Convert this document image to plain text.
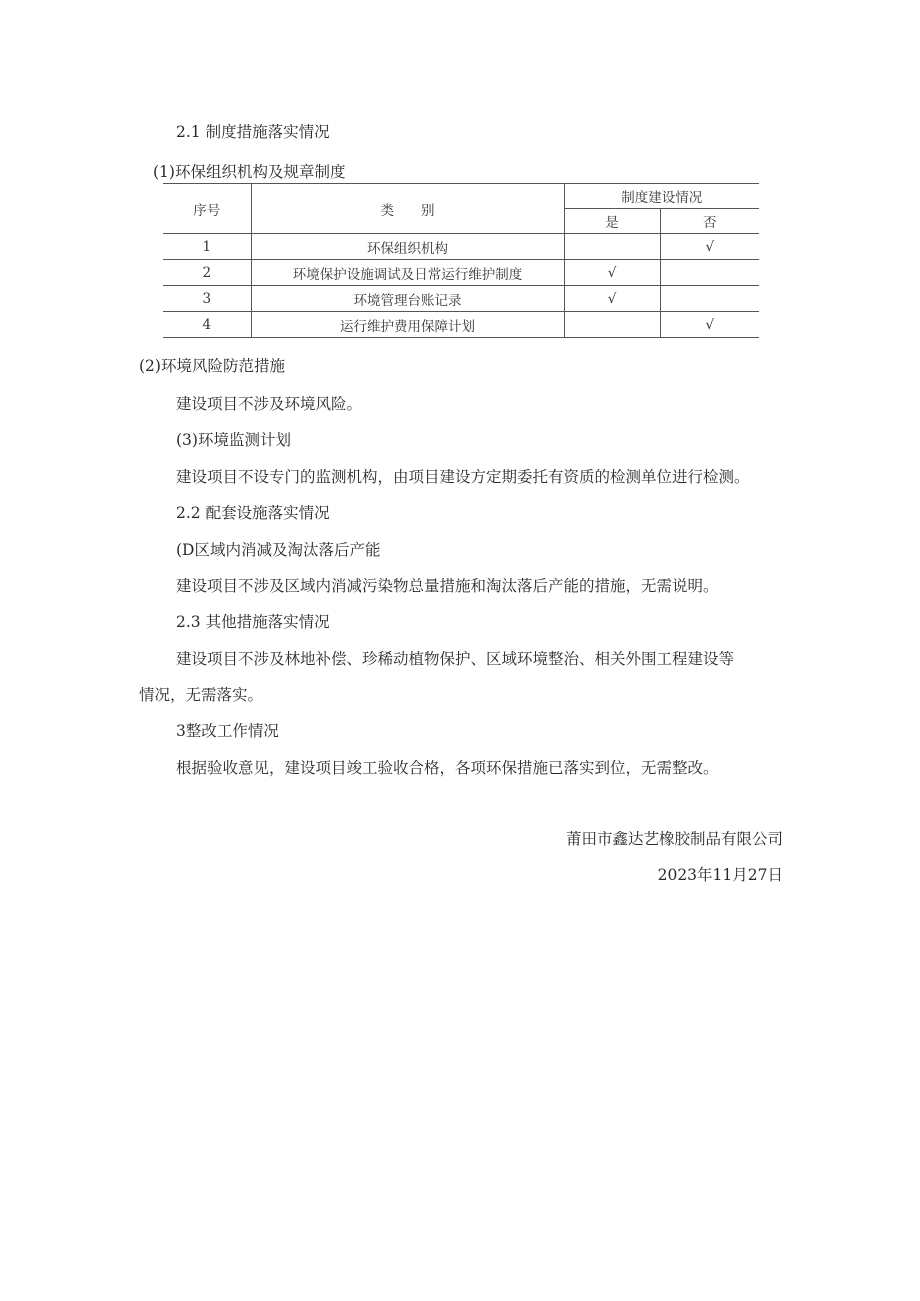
2.1 制度措施落实情况
(1)环保组织机构及规章制度
序号	类　　别	制度建设情况	
		是	否
1	环保组织机构		√
2	环境保护设施调试及日常运行维护制度	√	
3	环境管理台账记录	√	
4	运行维护费用保障计划		√
(2)环境风险防范措施
建设项目不涉及环境风险。
(3)环境监测计划
建设项目不设专门的监测机构，由项目建设方定期委托有资质的检测单位进行检测。
2.2 配套设施落实情况
(D区域内消减及淘汰落后产能
建设项目不涉及区域内消减污染物总量措施和淘汰落后产能的措施，无需说明。
2.3 其他措施落实情况
建设项目不涉及林地补偿、珍稀动植物保护、区域环境整治、相关外围工程建设等
情况，无需落实。
3整改工作情况
根据验收意见，建设项目竣工验收合格，各项环保措施已落实到位，无需整改。
莆田市鑫达艺橡胶制品有限公司
2023年11月27日
